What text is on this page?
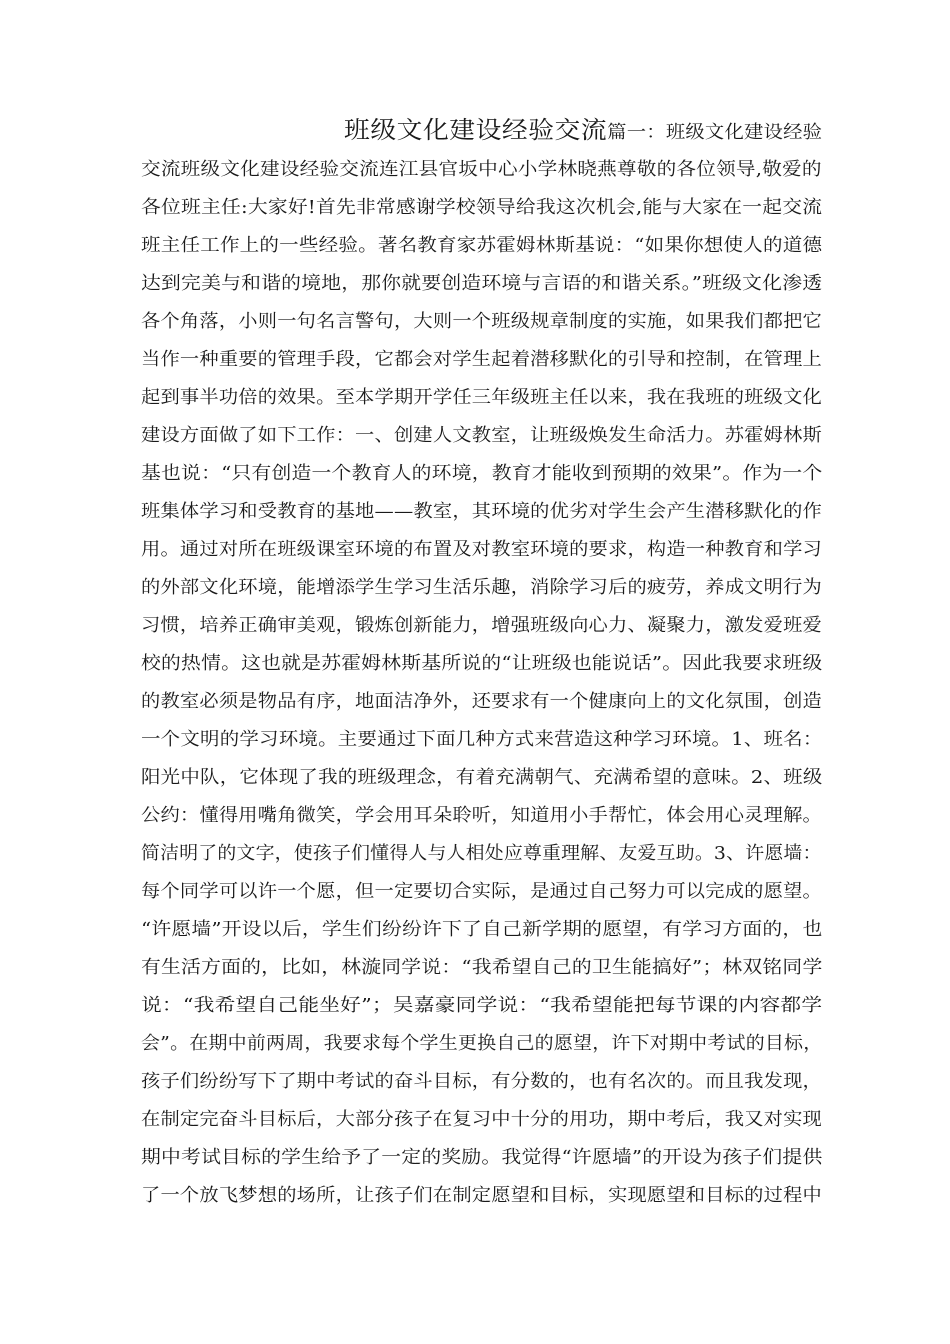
班级文化建设经验交流篇一：班级文化建设经验
交流班级文化建设经验交流连江县官坂中心小学林晓燕尊敬的各位领导,敬爱的
各位班主任:大家好!首先非常感谢学校领导给我这次机会,能与大家在一起交流
班主任工作上的一些经验。著名教育家苏霍姆林斯基说：“如果你想使人的道德
达到完美与和谐的境地，那你就要创造环境与言语的和谐关系。”班级文化渗透
各个角落，小则一句名言警句，大则一个班级规章制度的实施，如果我们都把它
当作一种重要的管理手段，它都会对学生起着潜移默化的引导和控制，在管理上
起到事半功倍的效果。至本学期开学任三年级班主任以来，我在我班的班级文化
建设方面做了如下工作：一、创建人文教室，让班级焕发生命活力。苏霍姆林斯
基也说：“只有创造一个教育人的环境，教育才能收到预期的效果”。作为一个
班集体学习和受教育的基地——教室，其环境的优劣对学生会产生潜移默化的作
用。通过对所在班级课室环境的布置及对教室环境的要求，构造一种教育和学习
的外部文化环境，能增添学生学习生活乐趣，消除学习后的疲劳，养成文明行为
习惯，培养正确审美观，锻炼创新能力，增强班级向心力、凝聚力，激发爱班爱
校的热情。这也就是苏霍姆林斯基所说的“让班级也能说话”。因此我要求班级
的教室必须是物品有序，地面洁净外，还要求有一个健康向上的文化氛围，创造
一个文明的学习环境。主要通过下面几种方式来营造这种学习环境。1、班名：
阳光中队，它体现了我的班级理念，有着充满朝气、充满希望的意味。2、班级
公约：懂得用嘴角微笑，学会用耳朵聆听，知道用小手帮忙，体会用心灵理解。
简洁明了的文字，使孩子们懂得人与人相处应尊重理解、友爱互助。3、许愿墙：
每个同学可以许一个愿，但一定要切合实际，是通过自己努力可以完成的愿望。
“许愿墙”开设以后，学生们纷纷许下了自己新学期的愿望，有学习方面的，也
有生活方面的，比如，林漩同学说：“我希望自己的卫生能搞好”；林双铭同学
说：“我希望自己能坐好”；吴嘉豪同学说：“我希望能把每节课的内容都学
会”。在期中前两周，我要求每个学生更换自己的愿望，许下对期中考试的目标，
孩子们纷纷写下了期中考试的奋斗目标，有分数的，也有名次的。而且我发现，
在制定完奋斗目标后，大部分孩子在复习中十分的用功，期中考后，我又对实现
期中考试目标的学生给予了一定的奖励。我觉得“许愿墙”的开设为孩子们提供
了一个放飞梦想的场所，让孩子们在制定愿望和目标，实现愿望和目标的过程中
